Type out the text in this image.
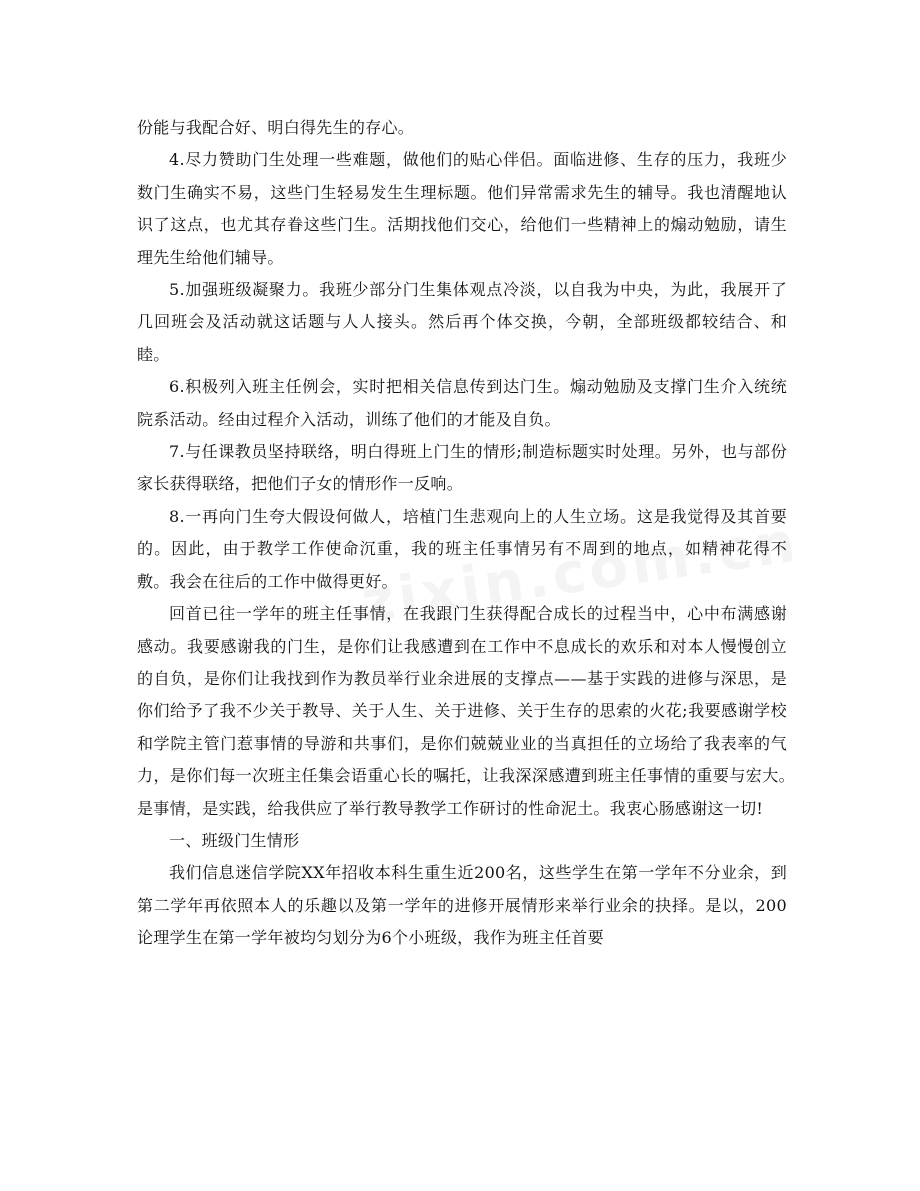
份能与我配合好、明白得先生的存心。

4.尽力赞助门生处理一些难题，做他们的贴心伴侣。面临进修、生存的压力，我班少数门生确实不易，这些门生轻易发生生理标题。他们异常需求先生的辅导。我也清醒地认识了这点，也尤其存眷这些门生。活期找他们交心，给他们一些精神上的煽动勉励，请生理先生给他们辅导。

5.加强班级凝聚力。我班少部分门生集体观点冷淡，以自我为中央，为此，我展开了几回班会及活动就这话题与人人接头。然后再个体交换，今朝，全部班级都较结合、和睦。

6.积极列入班主任例会，实时把相关信息传到达门生。煽动勉励及支撑门生介入统统院系活动。经由过程介入活动，训练了他们的才能及自负。

7.与任课教员坚持联络，明白得班上门生的情形;制造标题实时处理。另外，也与部份家长获得联络，把他们子女的情形作一反响。

8.一再向门生夸大假设何做人，培植门生悲观向上的人生立场。这是我觉得及其首要的。因此，由于教学工作使命沉重，我的班主任事情另有不周到的地点，如精神花得不敷。我会在往后的工作中做得更好。

回首已往一学年的班主任事情，在我跟门生获得配合成长的过程当中，心中布满感谢感动。我要感谢我的门生，是你们让我感遭到在工作中不息成长的欢乐和对本人慢慢创立的自负，是你们让我找到作为教员举行业余进展的支撑点——基于实践的进修与深思，是你们给予了我不少关于教导、关于人生、关于进修、关于生存的思索的火花;我要感谢学校和学院主管门惹事情的导游和共事们，是你们兢兢业业的当真担任的立场给了我表率的气力，是你们每一次班主任集会语重心长的嘱托，让我深深感遭到班主任事情的重要与宏大。　是事情，是实践，给我供应了举行教导教学工作研讨的性命泥土。我衷心肠感谢这一切!

一、班级门生情形

我们信息迷信学院XX年招收本科生重生近200名，这些学生在第一学年不分业余，到第二学年再依照本人的乐趣以及第一学年的进修开展情形来举行业余的抉择。是以，200论理学生在第一学年被均匀划分为6个小班级，我作为班主任首要
